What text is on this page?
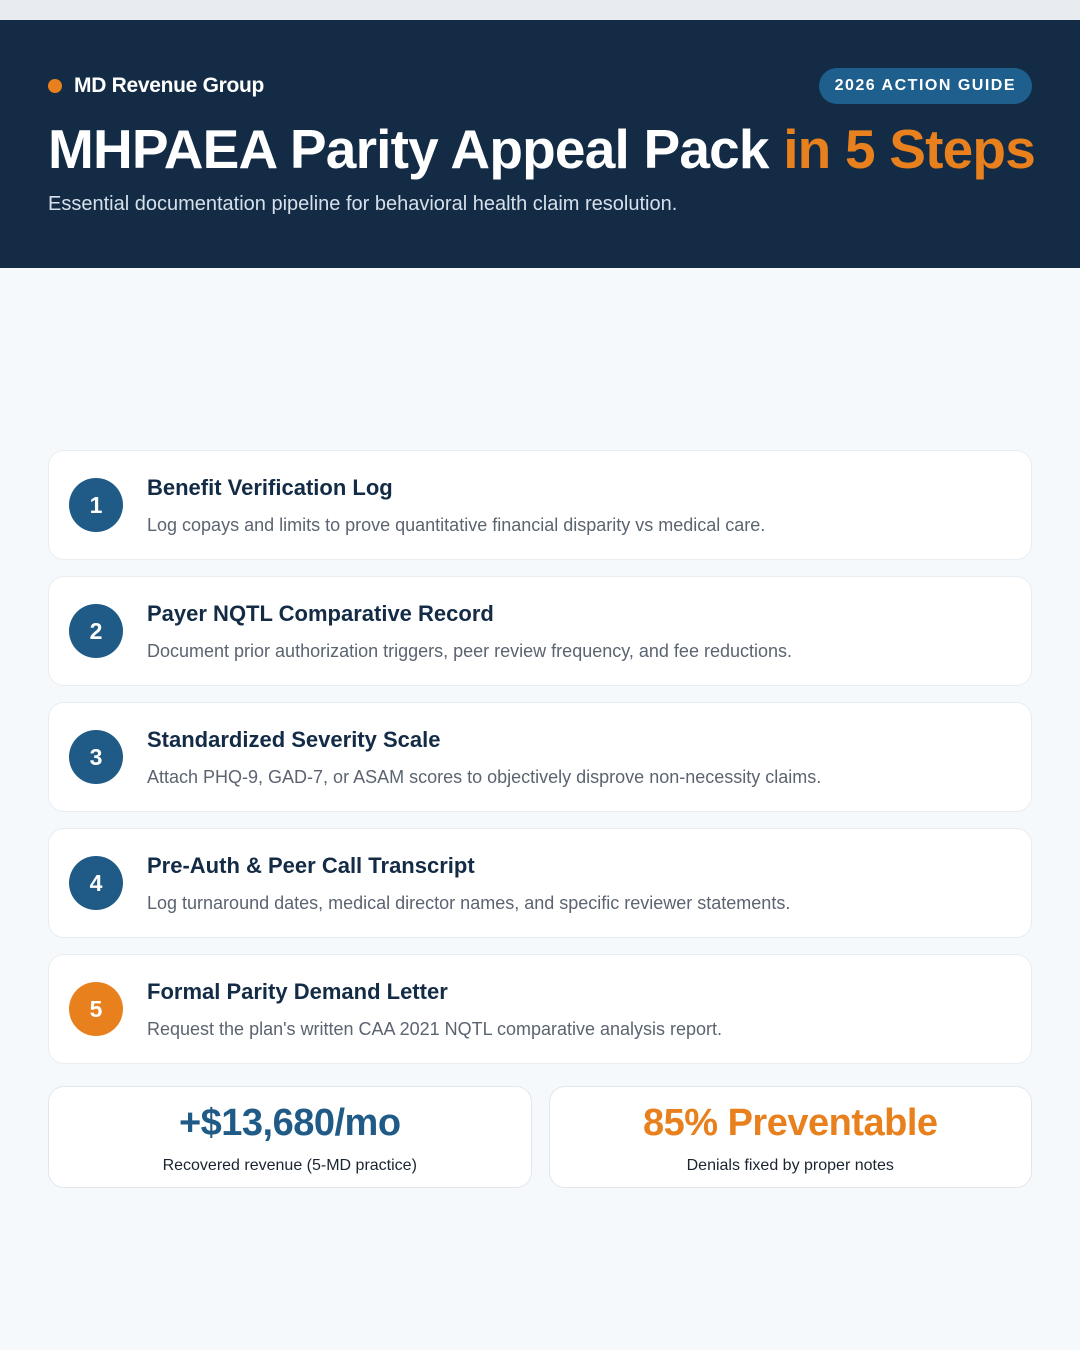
MD Revenue Group	2026 ACTION GUIDE
MHPAEA Parity Appeal Pack in 5 Steps
Essential documentation pipeline for behavioral health claim resolution.
1
Benefit Verification Log
Log copays and limits to prove quantitative financial disparity vs medical care.
2
Payer NQTL Comparative Record
Document prior authorization triggers, peer review frequency, and fee reductions.
3
Standardized Severity Scale
Attach PHQ-9, GAD-7, or ASAM scores to objectively disprove non-necessity claims.
4
Pre-Auth & Peer Call Transcript
Log turnaround dates, medical director names, and specific reviewer statements.
5
Formal Parity Demand Letter
Request the plan's written CAA 2021 NQTL comparative analysis report.
+$13,680/mo
Recovered revenue (5-MD practice)
85% Preventable
Denials fixed by proper notes
